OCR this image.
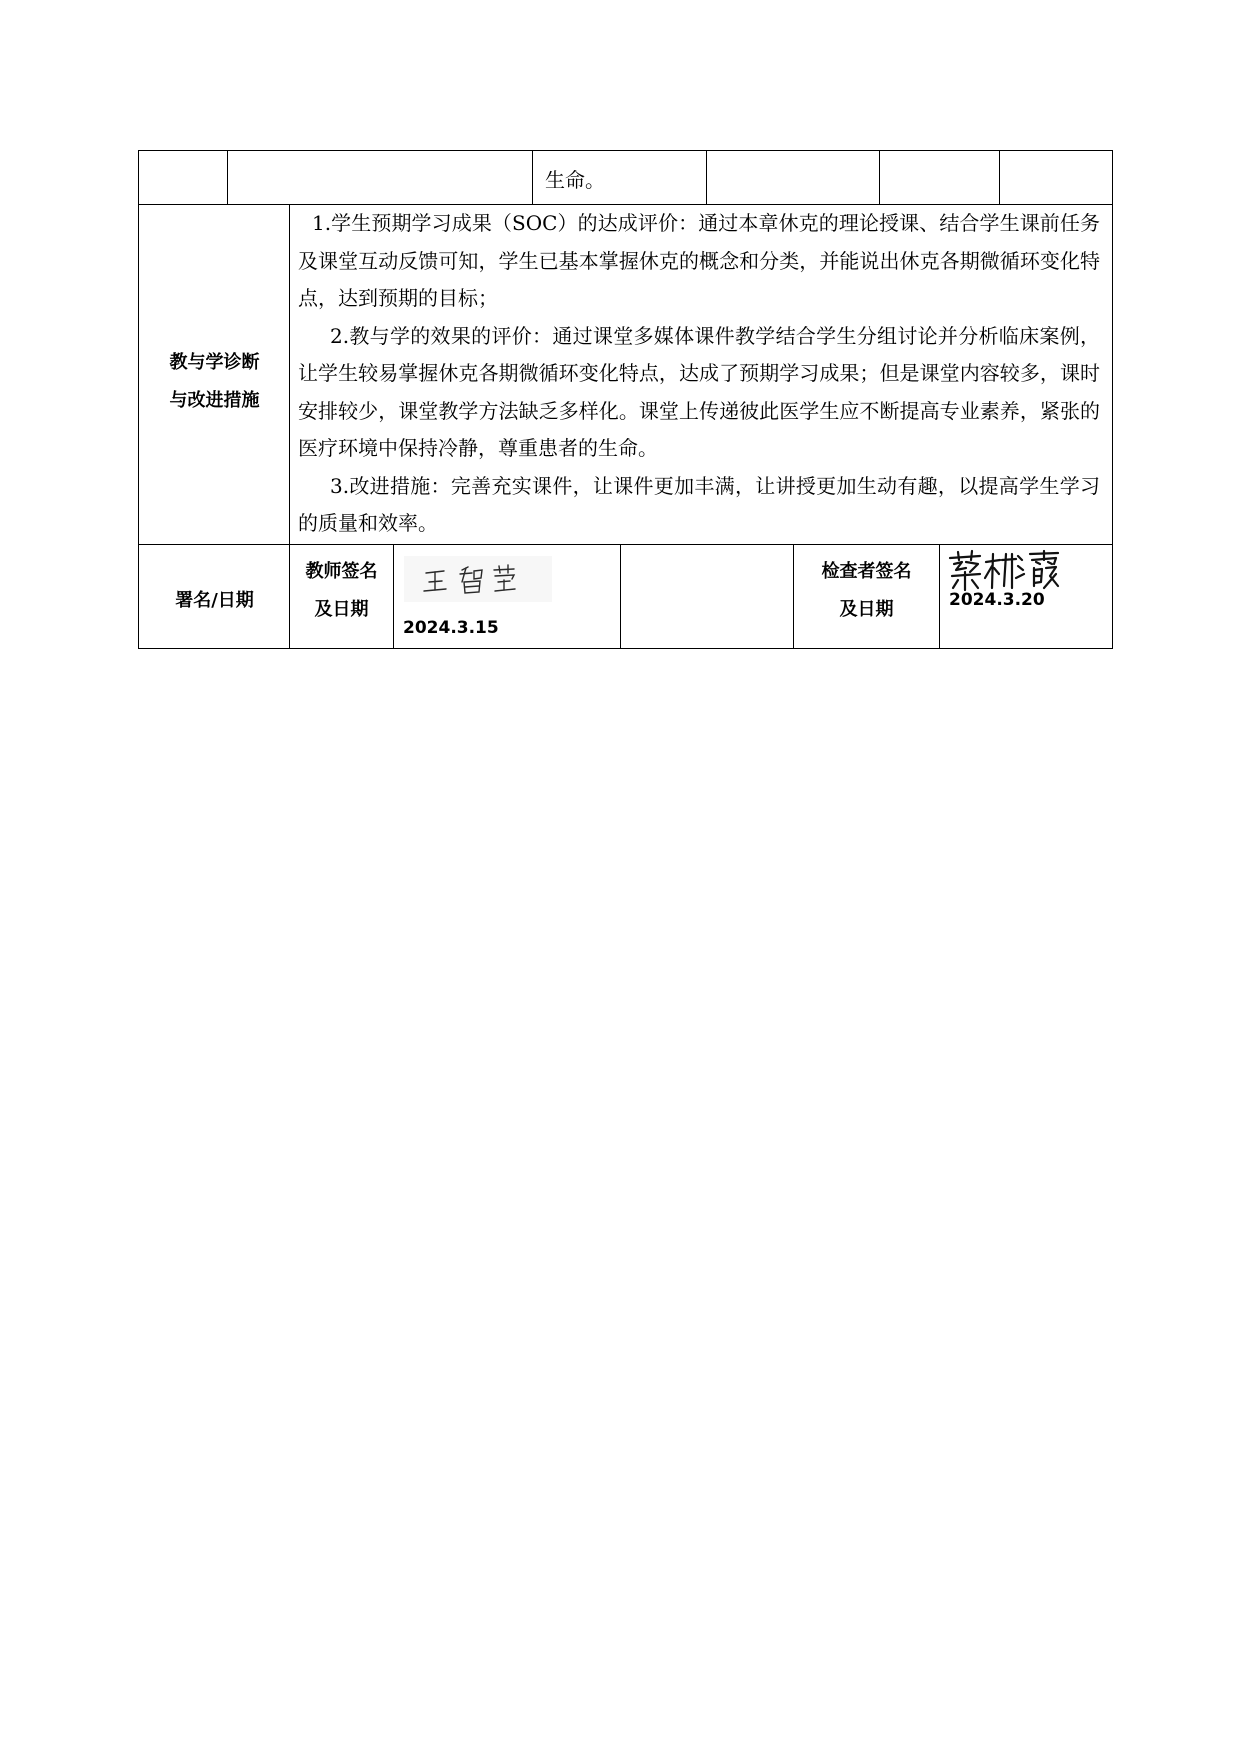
生命。
教与学诊断
与改进措施

1.学生预期学习成果（SOC）的达成评价：通过本章休克的理论授课、结合学生课前任务及课堂互动反馈可知，学生已基本掌握休克的概念和分类，并能说出休克各期微循环变化特点，达到预期的目标；

2.教与学的效果的评价：通过课堂多媒体课件教学结合学生分组讨论并分析临床案例，让学生较易掌握休克各期微循环变化特点，达成了预期学习成果；但是课堂内容较多，课时安排较少，课堂教学方法缺乏多样化。课堂上传递彼此医学生应不断提高专业素养，紧张的医疗环境中保持冷静，尊重患者的生命。

3.改进措施：完善充实课件，让课件更加丰满，让讲授更加生动有趣，以提高学生学习的质量和效率。

署名/日期
教师签名
及日期
2024.3.15
检查者签名
及日期	2024.3.20
